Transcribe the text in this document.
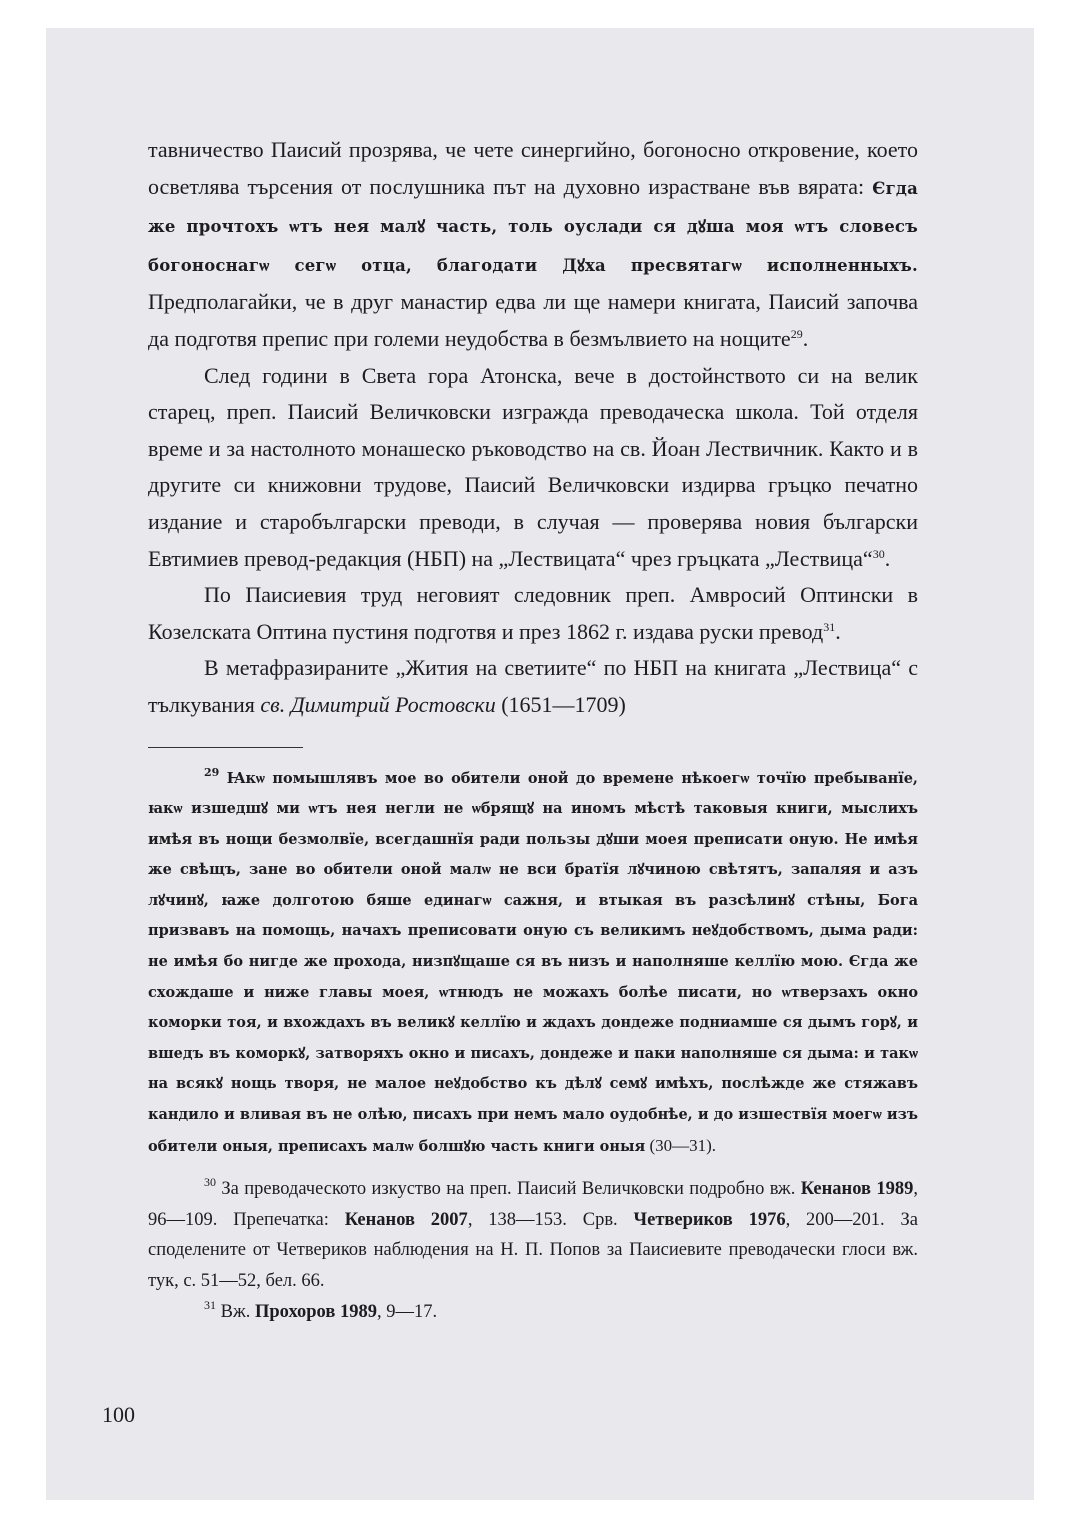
тавничество Паисий прозрява, че чете синергийно, богоносно откровение, което осветлява търсения от послушника път на духовно израстване във вярата: Єгда же прочтохъ ѡтъ нея малꙋ часть, толь оуслади ся дꙋша моя ѡтъ словесъ богоноснагѡ сегѡ отца, благодати Дꙋха пресвятагѡ исполненныхъ. Предполагайки, че в друг манастир едва ли ще намери книгата, Паисий започва да подготвя препис при големи неудобства в безмълвието на нощите$^{29}$.

След години в Света гора Атонска, вече в достойнството си на велик старец, преп. Паисий Величковски изгражда преводаческа школа. Той отделя време и за настолното монашеско ръководство на св. Йоан Лествичник. Както и в другите си книжовни трудове, Паисий Величковски издирва гръцко печатно издание и старобългарски преводи, в случая — проверява новия български Евтимиев превод-редакция (НБП) на „Лествицата“ чрез гръцката „Лествица“$^{30}$.

По Паисиевия труд неговият следовник преп. Амвросий Оптински в Козелската Оптина пустиня подготвя и през 1862 г. издава руски превод$^{31}$.

В метафразираните „Жития на светиите“ по НБП на книгата „Лествица“ с тълкувания св. Димитрий Ростовски (1651—1709)

$^{29}$ Ꙗкѡ помышлявъ мое во обители оной до времене нѣкоегѡ точїю пребыванїе, ꙗкѡ изшедшꙋ ми ѡтъ нея негли не ѡбрящꙋ на иномъ мѣстѣ таковыя книги, мыслихъ имѣя въ нощи безмолвїе, всегдашнїя ради пользы дꙋши моея преписати оную. Не имѣя же свѣщъ, зане во обители оной малѡ не вси братїя лꙋчиною свѣтятъ, запаляя и азъ лꙋчинꙋ, ꙗже долготою бяше единагѡ сажня, и втыкая въ разсѣлинꙋ стѣны, Бога призвавъ на помощь, начахъ преписовати оную съ великимъ неꙋдобствомъ, дыма ради: не имѣя бо нигде же прохода, низпꙋщаше ся въ низъ и наполняше келлїю мою. Єгда же схождаше и ниже главы моея, ѡтнюдъ не можахъ болѣе писати, но ѡтверзахъ окно коморки тоя, и вхождахъ въ великꙋ келлїю и ждахъ дондеже подниамше ся дымъ горꙋ, и вшедъ въ коморкꙋ, затворяхъ окно и писахъ, дондеже и паки наполняше ся дыма: и такѡ на всякꙋ нощь творя, не малое неꙋдобство къ дѣлꙋ семꙋ имѣхъ, послѣжде же стяжавъ кандило и вливая въ не олѣю, писахъ при немъ мало оудобнѣе, и до изшествїя моегѡ изъ обители оныя, преписахъ малѡ болшꙋю часть книги оныя (30—31).

$^{30}$ За преводаческото изкуство на преп. Паисий Величковски подробно вж. Кенанов 1989, 96—109. Препечатка: Кенанов 2007, 138—153. Срв. Четвериков 1976, 200—201. За споделените от Четвериков наблюдения на Н. П. Попов за Паисиевите преводачески глоси вж. тук, с. 51—52, бел. 66.

$^{31}$ Вж. Прохоров 1989, 9—17.

100
